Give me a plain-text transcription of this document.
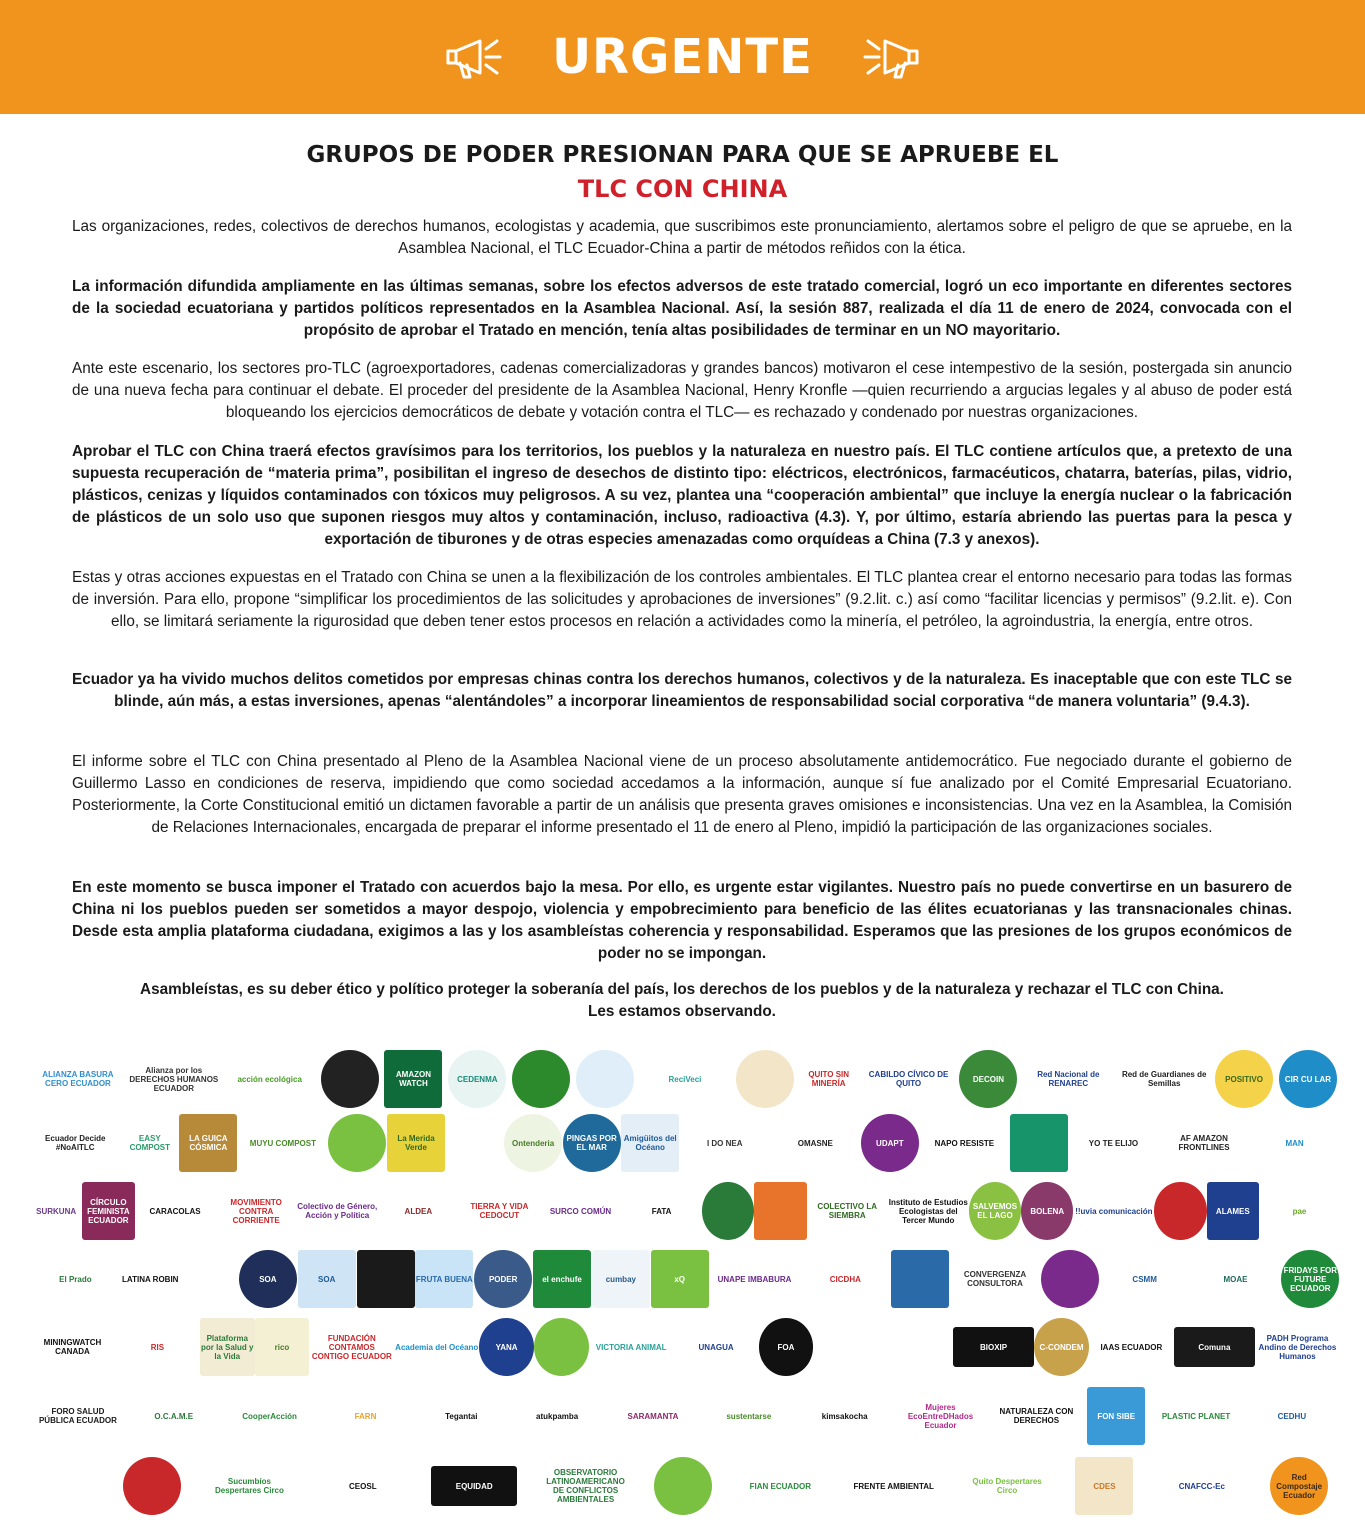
URGENTE
GRUPOS DE PODER PRESIONAN PARA QUE SE APRUEBE EL
TLC CON CHINA

Las organizaciones, redes, colectivos de derechos humanos, ecologistas y academia, que suscribimos este pronunciamiento, alertamos sobre el peligro de que se apruebe, en la Asamblea Nacional, el TLC Ecuador-China a partir de métodos reñidos con la ética.

La información difundida ampliamente en las últimas semanas, sobre los efectos adversos de este tratado comercial, logró un eco importante en diferentes sectores de la sociedad ecuatoriana y partidos políticos representados en la Asamblea Nacional. Así, la sesión 887, realizada el día 11 de enero de 2024, convocada con el propósito de aprobar el Tratado en mención, tenía altas posibilidades de terminar en un NO mayoritario.

Ante este escenario, los sectores pro-TLC (agroexportadores, cadenas comercializadoras y grandes bancos) motivaron el cese intempestivo de la sesión, postergada sin anuncio de una nueva fecha para continuar el debate. El proceder del presidente de la Asamblea Nacional, Henry Kronfle —quien recurriendo a argucias legales y al abuso de poder está bloqueando los ejercicios democráticos de debate y votación contra el TLC— es rechazado y condenado por nuestras organizaciones.

Aprobar el TLC con China traerá efectos gravísimos para los territorios, los pueblos y la naturaleza en nuestro país. El TLC contiene artículos que, a pretexto de una supuesta recuperación de “materia prima”, posibilitan el ingreso de desechos de distinto tipo: eléctricos, electrónicos, farmacéuticos, chatarra, baterías, pilas, vidrio, plásticos, cenizas y líquidos contaminados con tóxicos muy peligrosos. A su vez, plantea una “cooperación ambiental” que incluye la energía nuclear o la fabricación de plásticos de un solo uso que suponen riesgos muy altos y contaminación, incluso, radioactiva (4.3). Y, por último, estaría abriendo las puertas para la pesca y exportación de tiburones y de otras especies amenazadas como orquídeas a China (7.3 y anexos).

Estas y otras acciones expuestas en el Tratado con China se unen a la flexibilización de los controles ambientales. El TLC plantea crear el entorno necesario para todas las formas de inversión. Para ello, propone “simplificar los procedimientos de las solicitudes y aprobaciones de inversiones” (9.2.lit. c.) así como “facilitar licencias y permisos” (9.2.lit. e). Con ello, se limitará seriamente la rigurosidad que deben tener estos procesos en relación a actividades como la minería, el petróleo, la agroindustria, la energía, entre otros.

Ecuador ya ha vivido muchos delitos cometidos por empresas chinas contra los derechos humanos, colectivos y de la naturaleza. Es inaceptable que con este TLC se blinde, aún más, a estas inversiones, apenas “alentándoles” a incorporar lineamientos de responsabilidad social corporativa “de manera voluntaria” (9.4.3).

El informe sobre el TLC con China presentado al Pleno de la Asamblea Nacional viene de un proceso absolutamente antidemocrático. Fue negociado durante el gobierno de Guillermo Lasso en condiciones de reserva, impidiendo que como sociedad accedamos a la información, aunque sí fue analizado por el Comité Empresarial Ecuatoriano. Posteriormente, la Corte Constitucional emitió un dictamen favorable a partir de un análisis que presenta graves omisiones e inconsistencias. Una vez en la Asamblea, la Comisión de Relaciones Internacionales, encargada de preparar el informe presentado el 11 de enero al Pleno, impidió la participación de las organizaciones sociales.

En este momento se busca imponer el Tratado con acuerdos bajo la mesa. Por ello, es urgente estar vigilantes. Nuestro país no puede convertirse en un basurero de China ni los pueblos pueden ser sometidos a mayor despojo, violencia y empobrecimiento para beneficio de las élites ecuatorianas y las transnacionales chinas. Desde esta amplia plataforma ciudadana, exigimos a las y los asambleístas coherencia y responsabilidad. Esperamos que las presiones de los grupos económicos de poder no se impongan.

Asambleístas, es su deber ético y político proteger la soberanía del país, los derechos de los pueblos y de la naturaleza y rechazar el TLC con China.
Les estamos observando.
ALIANZA BASURA CERO ECUADOR
Alianza por los DERECHOS HUMANOS ECUADOR
acción ecológica	AMAZON WATCH	CEDENMA	ReciVeci	QUITO SIN MINERÍA
CABILDO CÍVICO DE QUITO	DECOIN	Red Nacional de RENAREC
Red de Guardianes de Semillas	POSITIVO	CIR CU LAR
Ecuador Decide #NoAlTLC
EASY COMPOST
LA GUICA CÓSMICA	MUYU COMPOST	La Merida Verde	Ontenderia	PINGAS POR EL MAR
Amigüitos del Océano	I DO NEA	OMASNE	UDAPT	NAPO RESISTE	YO TE ELIJO	AF AMAZON FRONTLINES	MAN
SURKUNA
CÍRCULO FEMINISTA ECUADOR
CARACOLAS
MOVIMIENTO CONTRA CORRIENTE
Colectivo de Género, Acción y Política	ALDEA	TIERRA Y VIDA CEDOCUT	SURCO COMÚN	FATA	COLECTIVO LA SIEMBRA
Instituto de Estudios Ecologistas del Tercer Mundo
SALVEMOS EL LAGO	BOLENA	!!uvia comunicación	ALAMES	pae
El Prado	LATINA ROBIN	SOA	SOA	FRUTA BUENA	PODER	el enchufe	cumbay	xQ	UNAPE IMBABURA	CICDHA	CONVERGENZA CONSULTORA	CSMM	MOAE
FRIDAYS FOR FUTURE ECUADOR
MININGWATCH CANADA	RIS
Plataforma por la Salud y la Vida
rico
FUNDACIÓN CONTAMOS CONTIGO ECUADOR
Academia del Océano	YANA	VICTORIA ANIMAL	UNAGUA	FOA	BIOXIP	C-CONDEM	IAAS ECUADOR	Comuna
PADH Programa Andino de Derechos Humanos
FORO SALUD PÚBLICA ECUADOR	O.C.A.M.E	CooperAcción	FARN	Tegantai	atukpamba	SARAMANTA	sustentarse	kimsakocha
Mujeres EcoEntreDHados Ecuador
NATURALEZA CON DERECHOS	FON SIBE	PLASTIC PLANET	CEDHU
Sucumbíos Despertares Circo	CEOSL	EQUIDAD
OBSERVATORIO LATINOAMERICANO DE CONFLICTOS AMBIENTALES
FIAN ECUADOR	FRENTE AMBIENTAL	Quito Despertares Circo	CDES	CNAFCC-Ec
Red Compostaje Ecuador
